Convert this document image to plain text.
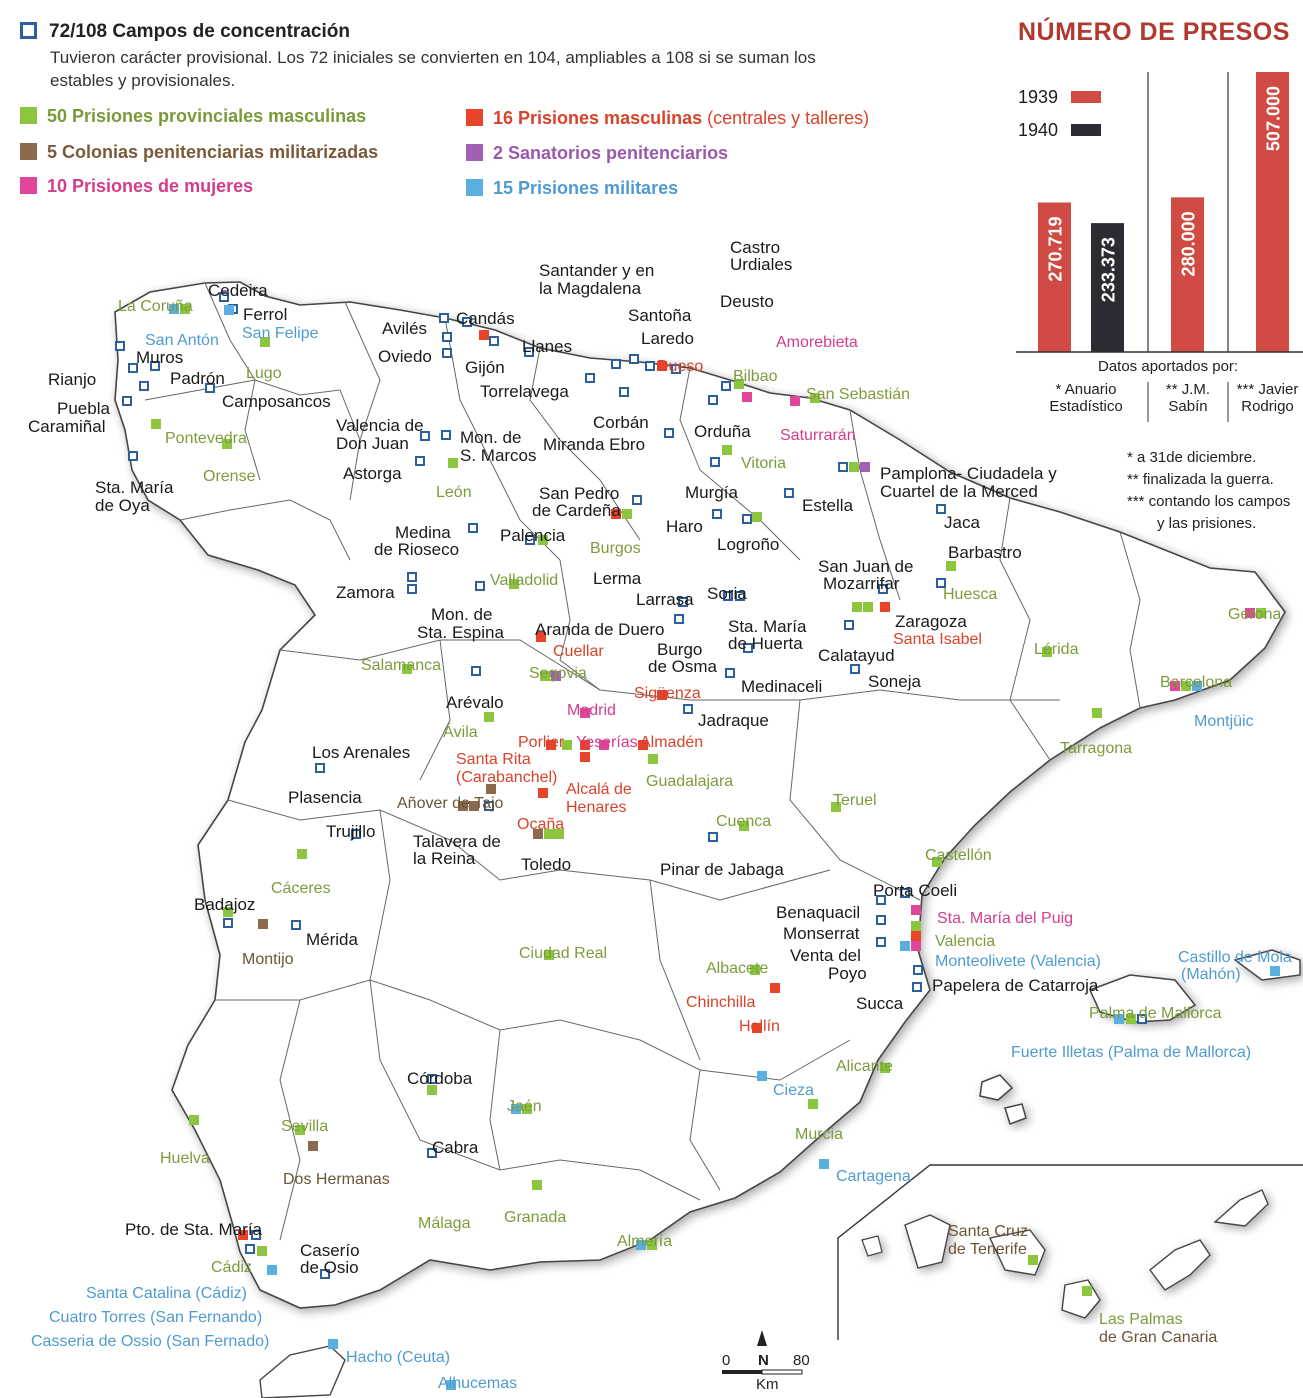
72/108 Campos de concentración
Tuvieron carácter provisional. Los 72 iniciales se convierten en 104, ampliables a 108 si se suman los
estables y provisionales.
50 Prisiones provinciales masculinas
5 Colonias penitenciarias militarizadas
10 Prisiones de mujeres
16 Prisiones masculinas (centrales y talleres)
2 Sanatorios penitenciarios
15 Prisiones militares
NÚMERO DE PRESOS
1939
1940
270.719 233.373	280.000
507.000
Datos aportados por:
* Anuario
Estadístico
** J.M.
Sabín
*** Javier
Rodrigo
* a 31de diciembre.
** finalizada la guerra.
*** contando los campos
y las prisiones.
La Coruña
Cedeira
Ferrol
San Antón San Felipe
Muros
Rianjo	Padrón Lugo
Puebla
Caramiñal
Camposancos
Pontevedra
Orense
Sta. María
de Oya
Avilés
Candás
Oviedo
Gijón
Llanes
Torrelavega
Santander y en
la Magdalena
Santoña
Laredo
Dueso
Castro
Urdiales
Deusto
Amorebieta
Bilbao
San Sebastián
Saturrarán
Orduña
Vitoria
Corbán
Miranda Ebro
Valencia de
Don Juan	Mon. de
S. Marcos
Astorga
León	San Pedro
de Cardeña
Murgía
Pamplona- Ciudadela y
Cuartel de la Merced
Estella
Haro
Logroño
Jaca
Medina
de Rioseco
Palencia
Burgos
Lerma
Valladolid
San Juan de
Mozarrifar
Barbastro
Huesca
Zamora	Larrasa Soria
Mon. de
Sta. Espina Aranda de Duero	Sta. María
de Huerta
Zaragoza
Santa Isabel
Gerona
Cuellar	Burgo
de Osma
Calatayud	Lérida
Salamanca	Segovia
Medinaceli	Soneja
Sigüenza
Arévalo	Madrid
Jadraque
Barcelona
Montjüic
Ávila
Porlier Yeserías Almadén
Los Arenales	Santa Rita
(Carabanchel)
Alcalá de
Henares
Guadalajara
Tarragona
Plasencia Añover de Tajo	Teruel
Ocaña
Trujillo
Talavera de
la Reina
Cuenca
Toledo	Castellón
Pinar de Jabaga
Cáceres	Porta Coeli
Badajoz	Benaquacil	Sta. María del Puig
Mérida	Monserrat	Valencia
Montijo	Ciudad Real	Venta del
Poyo
Monteolivete (Valencia)	Castillo de Mola
(Mahón)
Albacete
Papelera de Catarroja
Chinchilla	Succa
Palma de Mallorca
Hellín
Fuerte Illetas (Palma de Mallorca)
Alicante
Córdoba
Jaén
Cieza
Sevilla	Murcia
Cabra
Huelva
Dos Hermanas	Cartagena
Granada
Santa Cruz
de Tenerife
Pto. de Sta. María	Málaga
Caserío
de Osio
Almería
Cádiz
Las Palmas
de Gran Canaria
Santa Catalina (Cádiz)
Cuatro Torres (San Fernando)
Casseria de Ossio (San Fernado)
Hacho (Ceuta)
Alhucemas
0 N 80
Km
